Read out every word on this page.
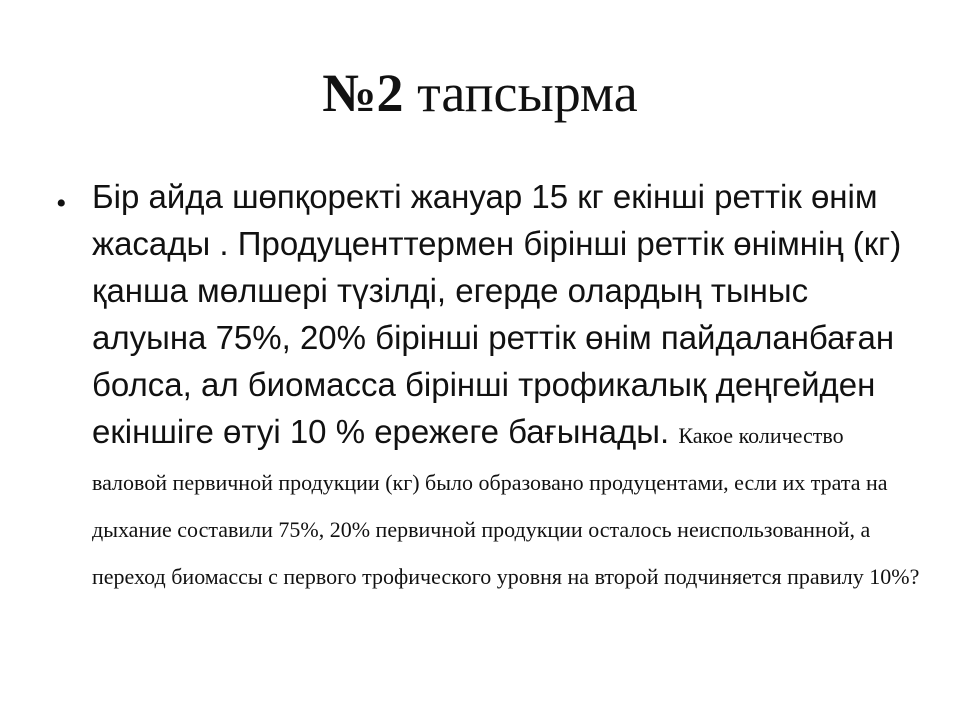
№2 тапсырма
• Бір айда шөпқоректі жануар 15 кг екінші реттік өнім жасады . Продуценттермен бірінші реттік өнімнің (кг) қанша мөлшері түзілді, егерде олардың тыныс алуына 75%, 20% бірінші реттік өнім пайдаланбаған болса, ал биомасса бірінші трофикалық деңгейден екіншіге өтуі 10 % ережеге бағынады. Какое количество валовой первичной продукции (кг) было образовано продуцентами, если их трата на дыхание составили 75%, 20% первичной продукции осталось неиспользованной, а переход биомассы с первого трофического уровня на второй подчиняется правилу 10%?
